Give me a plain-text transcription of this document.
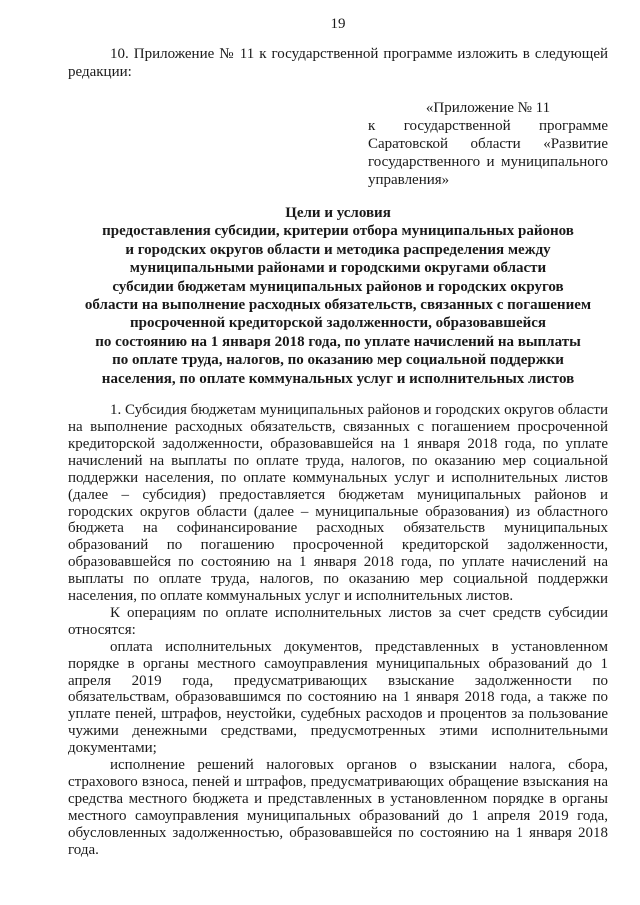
19

10. Приложение № 11 к государственной программе изложить в следующей редакции:

«Приложение № 11
к государственной программе
Саратовской области «Развитие
государственного и муниципального
управления»
Цели и условия
предоставления субсидии, критерии отбора муниципальных районов
и городских округов области и методика распределения между
муниципальными районами и городскими округами области
субсидии бюджетам муниципальных районов и городских округов
области на выполнение расходных обязательств, связанных с погашением
просроченной кредиторской задолженности, образовавшейся
по состоянию на 1 января 2018 года, по уплате начислений на выплаты
по оплате труда, налогов, по оказанию мер социальной поддержки
населения, по оплате коммунальных услуг и исполнительных листов

1. Субсидия бюджетам муниципальных районов и городских округов области на выполнение расходных обязательств, связанных с погашением просроченной кредиторской задолженности, образовавшейся на 1 января 2018 года, по уплате начислений на выплаты по оплате труда, налогов, по оказанию мер социальной поддержки населения, по оплате коммунальных услуг и исполнительных листов (далее – субсидия) предоставляется бюджетам муниципальных районов и городских округов области (далее – муниципальные образования) из областного бюджета на софинансирование расходных обязательств муниципальных образований по погашению просроченной кредиторской задолженности, образовавшейся по состоянию на 1 января 2018 года, по уплате начислений на выплаты по оплате труда, налогов, по оказанию мер социальной поддержки населения, по оплате коммунальных услуг и исполнительных листов.

К операциям по оплате исполнительных листов за счет средств субсидии относятся:

оплата исполнительных документов, представленных в установленном порядке в органы местного самоуправления муниципальных образований до 1 апреля 2019 года, предусматривающих взыскание задолженности по обязательствам, образовавшимся по состоянию на 1 января 2018 года, а также по уплате пеней, штрафов, неустойки, судебных расходов и процентов за пользование чужими денежными средствами, предусмотренных этими исполнительными документами;

исполнение решений налоговых органов о взыскании налога, сбора, страхового взноса, пеней и штрафов, предусматривающих обращение взыскания на средства местного бюджета и представленных в установленном порядке в органы местного самоуправления муниципальных образований до 1 апреля 2019 года, обусловленных задолженностью, образовавшейся по состоянию на 1 января 2018 года.
